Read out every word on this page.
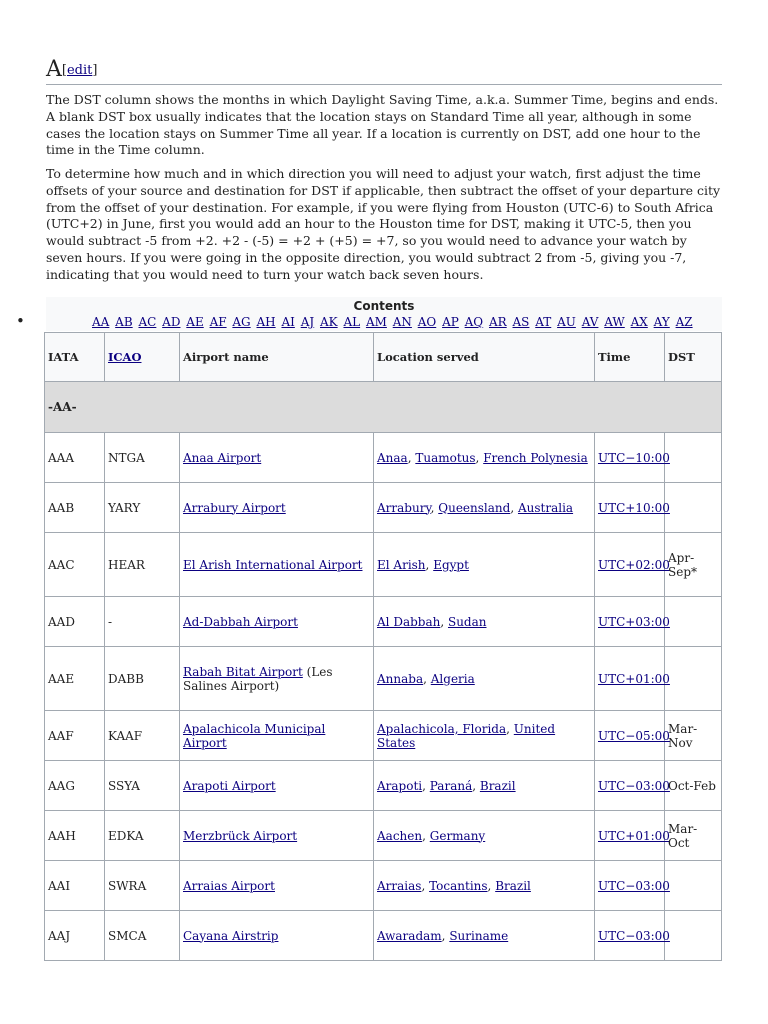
A[edit]

The DST column shows the months in which Daylight Saving Time, a.k.a. Summer Time, begins and ends. A blank DST box usually indicates that the location stays on Standard Time all year, although in some cases the location stays on Summer Time all year. If a location is currently on DST, add one hour to the time in the Time column.

To determine how much and in which direction you will need to adjust your watch, first adjust the time offsets of your source and destination for DST if applicable, then subtract the offset of your departure city from the offset of your destination. For example, if you were flying from Houston (UTC-6) to South Africa (UTC+2) in June, first you would add an hour to the Houston time for DST, making it UTC-5, then you would subtract -5 from +2. +2 - (-5) = +2 + (+5) = +7, so you would need to advance your watch by seven hours. If you were going in the opposite direction, you would subtract 2 from -5, giving you -7, indicating that you would need to turn your watch back seven hours.

Contents
•	AA AB AC AD AE AF AG AH AI AJ AK AL AM AN AO AP AQ AR AS AT AU AV AW AX AY AZ
IATA	ICAO	Airport name	Location served	Time	DST
-AA-					
AAA	NTGA	Anaa Airport	Anaa, Tuamotus, French Polynesia	UTC−10:00	
AAB	YARY	Arrabury Airport	Arrabury, Queensland, Australia	UTC+10:00	
AAC	HEAR	El Arish International Airport	El Arish, Egypt	UTC+02:00	Apr-Sep*
AAD	-	Ad-Dabbah Airport	Al Dabbah, Sudan	UTC+03:00	
AAE	DABB	Rabah Bitat Airport (Les Salines Airport)	Annaba, Algeria	UTC+01:00	
AAF	KAAF	Apalachicola Municipal Airport	Apalachicola, Florida, United States	UTC−05:00	Mar-Nov
AAG	SSYA	Arapoti Airport	Arapoti, Paraná, Brazil	UTC−03:00	Oct-Feb
AAH	EDKA	Merzbrück Airport	Aachen, Germany	UTC+01:00	Mar-Oct
AAI	SWRA	Arraias Airport	Arraias, Tocantins, Brazil	UTC−03:00	
AAJ	SMCA	Cayana Airstrip	Awaradam, Suriname	UTC−03:00	
